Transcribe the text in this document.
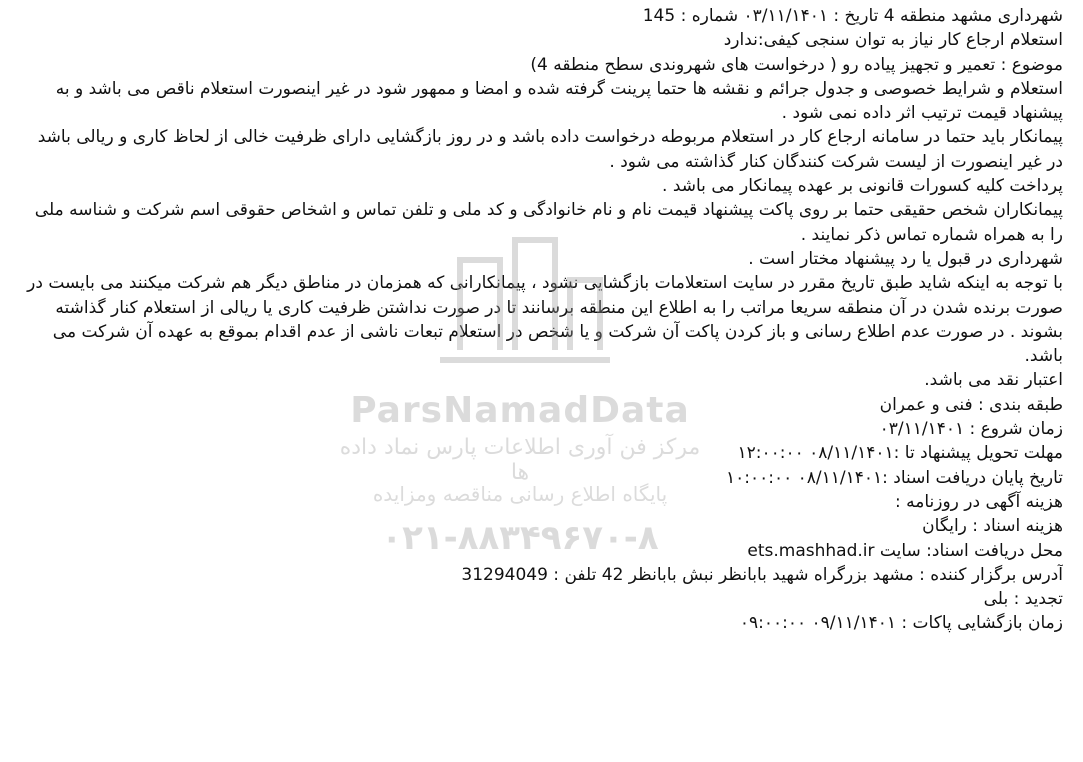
شهرداری مشهد منطقه 4 تاریخ : ۰۳/۱۱/۱۴۰۱ شماره : 145
استعلام ارجاع کار نیاز به توان سنجی کیفی:ندارد
موضوع : تعمیر و تجهیز پیاده رو ( درخواست های شهروندی سطح منطقه 4)
استعلام و شرایط خصوصی و جدول جرائم و نقشه ها حتما پرینت گرفته شده و امضا و ممهور شود در غیر اینصورت استعلام ناقص می باشد و به پیشنهاد قیمت ترتیب اثر داده نمی شود .
پیمانکار باید حتما در سامانه ارجاع کار در استعلام مربوطه درخواست داده باشد و در روز بازگشایی دارای ظرفیت خالی از لحاظ کاری و ریالی باشد در غیر اینصورت از لیست شرکت کنندگان کنار گذاشته می شود .
پرداخت کلیه کسورات قانونی بر عهده پیمانکار می باشد .
پیمانکاران شخص حقیقی حتما بر روی پاکت پیشنهاد قیمت نام و نام خانوادگی و کد ملی و تلفن تماس و اشخاص حقوقی اسم شرکت و شناسه ملی را به همراه شماره تماس ذکر نمایند .
شهرداری در قبول یا رد پیشنهاد مختار است .
با توجه به اینکه شاید طبق تاریخ مقرر در سایت استعلامات بازگشایی نشود ، پیمانکارانی که همزمان در مناطق دیگر هم شرکت میکنند می بایست در صورت برنده شدن در آن منطقه سریعا مراتب را به اطلاع این منطقه برسانند تا در صورت نداشتن ظرفیت کاری یا ریالی از استعلام کنار گذاشته بشوند . در صورت عدم اطلاع رسانی و باز کردن پاکت آن شرکت و یا شخص در استعلام تبعات ناشی از عدم اقدام بموقع به عهده آن شرکت می باشد.
اعتبار نقد می باشد.
طبقه بندی : فنی و عمران
زمان شروع : ۰۳/۱۱/۱۴۰۱
مهلت تحویل پیشنهاد تا :۰۸/۱۱/۱۴۰۱ ۱۲:۰۰:۰۰
تاریخ پایان دریافت اسناد :۰۸/۱۱/۱۴۰۱ ۱۰:۰۰:۰۰
هزینه آگهی در روزنامه :
هزینه اسناد : رایگان
محل دریافت اسناد: سایت ets.mashhad.ir
آدرس برگزار کننده : مشهد بزرگراه شهید بابانظر نبش بابانظر 42 تلفن : 31294049
تجدید : بلی
زمان بازگشایی پاکات : ۰۹/۱۱/۱۴۰۱ ۰۹:۰۰:۰۰
ParsNamadData
مرکز فن آوری اطلاعات پارس نماد داده ها
پایگاه اطلاع رسانی مناقصه ومزایده
۰۲۱-۸۸۳۴۹۶۷۰-۸
